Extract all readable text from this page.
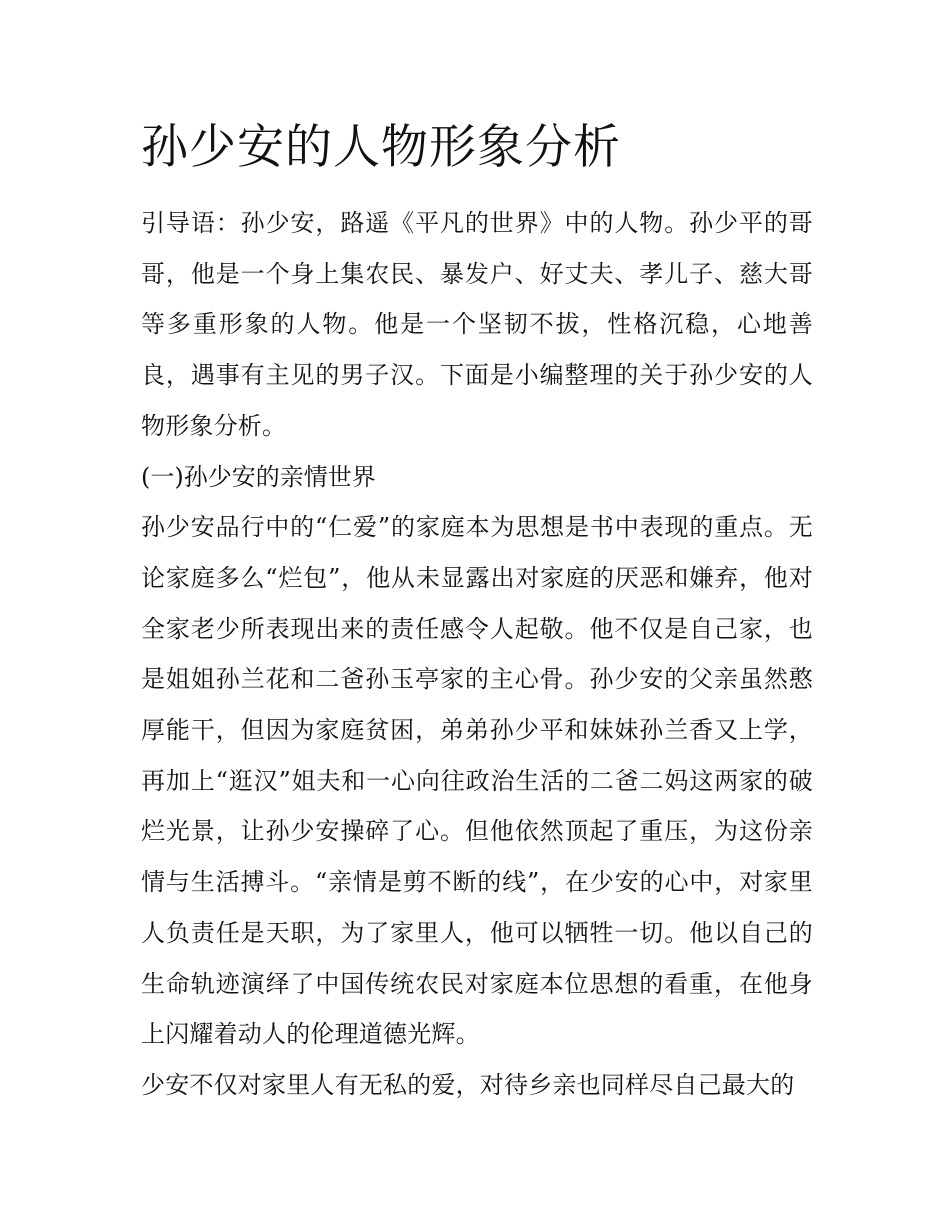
孙少安的人物形象分析

引导语：孙少安，路遥《平凡的世界》中的人物。孙少平的哥哥，他是一个身上集农民、暴发户、好丈夫、孝儿子、慈大哥等多重形象的人物。他是一个坚韧不拔，性格沉稳，心地善良，遇事有主见的男子汉。下面是小编整理的关于孙少安的人物形象分析。

(一)孙少安的亲情世界

孙少安品行中的“仁爱”的家庭本为思想是书中表现的重点。无论家庭多么“烂包”，他从未显露出对家庭的厌恶和嫌弃，他对全家老少所表现出来的责任感令人起敬。他不仅是自己家，也是姐姐孙兰花和二爸孙玉亭家的主心骨。孙少安的父亲虽然憨厚能干，但因为家庭贫困，弟弟孙少平和妹妹孙兰香又上学，再加上“逛汉”姐夫和一心向往政治生活的二爸二妈这两家的破烂光景，让孙少安操碎了心。但他依然顶起了重压，为这份亲情与生活搏斗。“亲情是剪不断的线”，在少安的心中，对家里人负责任是天职，为了家里人，他可以牺牲一切。他以自己的生命轨迹演绎了中国传统农民对家庭本位思想的看重，在他身上闪耀着动人的伦理道德光辉。

少安不仅对家里人有无私的爱，对待乡亲也同样尽自己最大的
